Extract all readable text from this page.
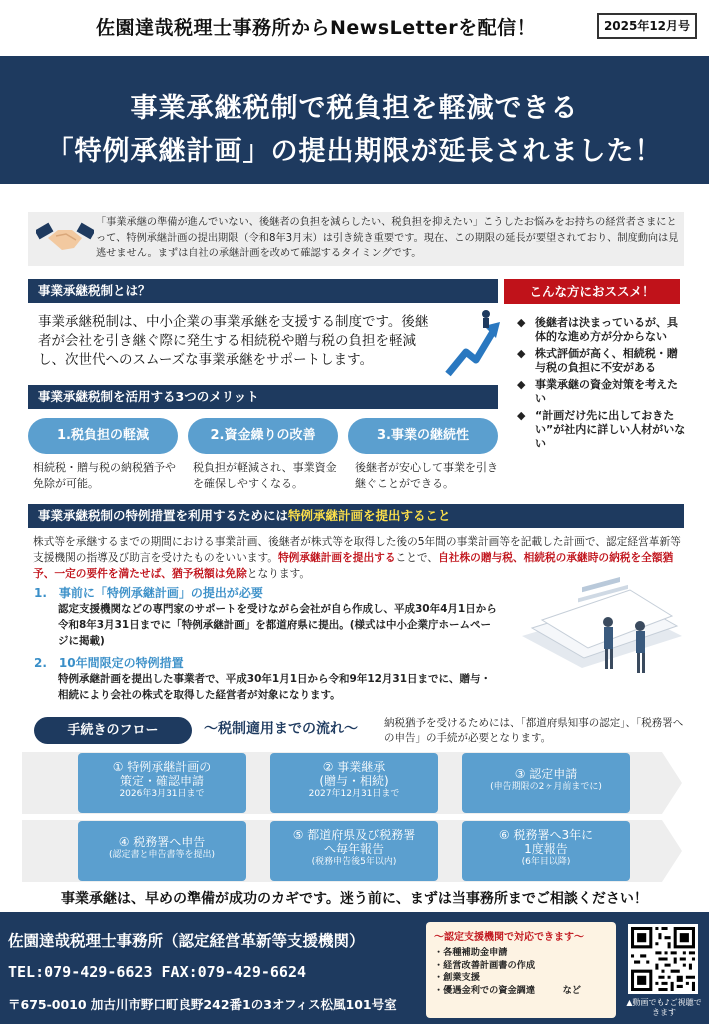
佐園達哉税理士事務所からNewsLetterを配信！	2025年12月号
事業承継税制で税負担を軽減できる
「特例承継計画」の提出期限が延長されました！
「事業承継の準備が進んでいない、後継者の負担を減らしたい、税負担を抑えたい」こうしたお悩みをお持ちの経営者さまにとって、特例承継計画の提出期限（令和8年3月末）は引き続き重要です。現在、この期限の延長が要望されており、制度動向は見逃せません。まずは自社の承継計画を改めて確認するタイミングです。
事業承継税制とは？	こんな方におススメ！
事業承継税制は、中小企業の事業承継を支援する制度です。後継者が会社を引き継ぐ際に発生する相続税や贈与税の負担を軽減し、次世代へのスムーズな事業承継をサポートします。
◆ 後継者は決まっているが、具体的な進め方が分からない
◆ 株式評価が高く、相続税・贈与税の負担に不安がある
◆ 事業承継の資金対策を考えたい
◆ “計画だけ先に出しておきたい”が社内に詳しい人材がいない
事業承継税制を活用する3つのメリット
1.税負担の軽減	2.資金繰りの改善	3.事業の継続性
相続税・贈与税の納税猶予や免除が可能。
税負担が軽減され、事業資金を確保しやすくなる。
後継者が安心して事業を引き継ぐことができる。
事業承継税制の特例措置を利用するためには特例承継計画を提出すること
株式等を承継するまでの期間における事業計画、後継者が株式等を取得した後の5年間の事業計画等を記載した計画で、認定経営革新等支援機関の指導及び助言を受けたものをいいます。特例承継計画を提出することで、自社株の贈与税、相続税の承継時の納税を全額猶予、一定の要件を満たせば、猶予税額は免除となります。
1.　事前に「特例承継計画」の提出が必要
認定支援機関などの専門家のサポートを受けながら会社が自ら作成し、平成30年4月1日から令和8年3月31日までに「特例承継計画」を都道府県に提出。(様式は中小企業庁ホームページに掲載)
2.　10年間限定の特例措置
特例承継計画を提出した事業者で、平成30年1月1日から令和9年12月31日までに、贈与・相続により会社の株式を取得した経営者が対象になります。
手続きのフロー	～税制適用までの流れ～ 納税猶予を受けるためには、「都道府県知事の認定」、「税務署への申告」の手続が必要となります。
① 特例承継計画の
策定・確認申請
2026年3月31日まで
② 事業継承
(贈与・相続)
2027年12月31日まで
③ 認定申請
(申告期限の2ヶ月前までに)
④ 税務署へ申告
(認定書と申告書等を提出)
⑤ 都道府県及び税務署
へ毎年報告
(税務申告後5年以内)
⑥ 税務署へ3年に
1度報告
(6年目以降)
事業承継は、早めの準備が成功のカギです。迷う前に、まずは当事務所までご相談ください！
佐園達哉税理士事務所（認定経営革新等支援機関）
TEL:079-429-6623 FAX:079-429-6624
〒675-0010 加古川市野口町良野242番1の3オフィス松風101号室
～認定支援機関で対応できます～
・各種補助金申請
・経営改善計画書の作成
・創業支援
・優遇金利での資金調達　　　など
▲動画でも♪ご視聴できます
